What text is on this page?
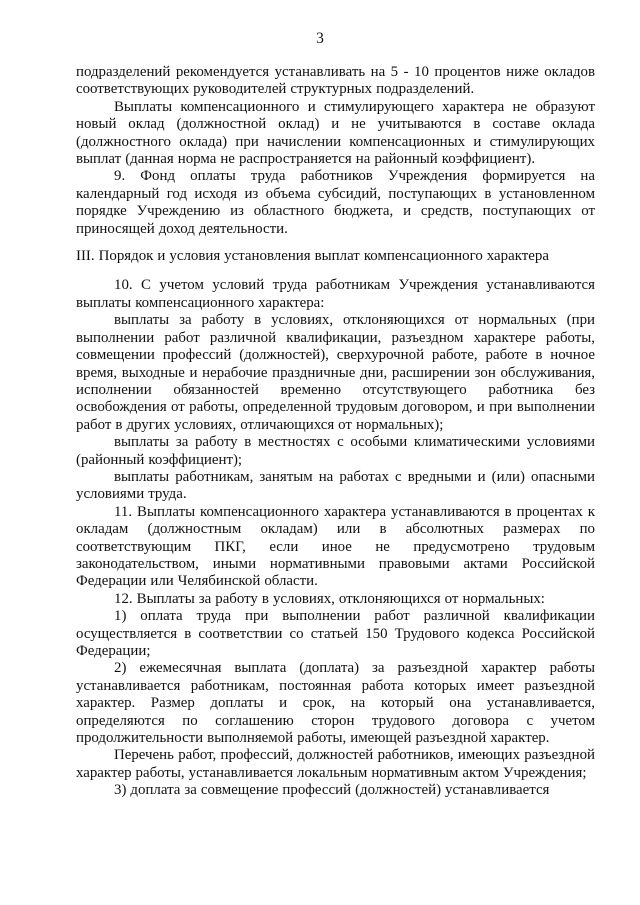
3

подразделений рекомендуется устанавливать на 5 - 10 процентов ниже окладов соответствующих руководителей структурных подразделений.

Выплаты компенсационного и стимулирующего характера не образуют новый оклад (должностной оклад) и не учитываются в составе оклада (должностного оклада) при начислении компенсационных и стимулирующих выплат (данная норма не распространяется на районный коэффициент).

9. Фонд оплаты труда работников Учреждения формируется на календарный год исходя из объема субсидий, поступающих в установленном порядке Учреждению из областного бюджета, и средств, поступающих от приносящей доход деятельности.

III. Порядок и условия установления выплат компенсационного характера

10. С учетом условий труда работникам Учреждения устанавливаются выплаты компенсационного характера:

выплаты за работу в условиях, отклоняющихся от нормальных (при выполнении работ различной квалификации, разъездном характере работы, совмещении профессий (должностей), сверхурочной работе, работе в ночное время, выходные и нерабочие праздничные дни, расширении зон обслуживания, исполнении обязанностей временно отсутствующего работника без освобождения от работы, определенной трудовым договором, и при выполнении работ в других условиях, отличающихся от нормальных);

выплаты за работу в местностях с особыми климатическими условиями (районный коэффициент);

выплаты работникам, занятым на работах с вредными и (или) опасными условиями труда.

11. Выплаты компенсационного характера устанавливаются в процентах к окладам (должностным окладам) или в абсолютных размерах по соответствующим ПКГ, если иное не предусмотрено трудовым законодательством, иными нормативными правовыми актами Российской Федерации или Челябинской области.

12. Выплаты за работу в условиях, отклоняющихся от нормальных:

1) оплата труда при выполнении работ различной квалификации осуществляется в соответствии со статьей 150 Трудового кодекса Российской Федерации;

2) ежемесячная выплата (доплата) за разъездной характер работы устанавливается работникам, постоянная работа которых имеет разъездной характер. Размер доплаты и срок, на который она устанавливается, определяются по соглашению сторон трудового договора с учетом продолжительности выполняемой работы, имеющей разъездной характер.

Перечень работ, профессий, должностей работников, имеющих разъездной характер работы, устанавливается локальным нормативным актом Учреждения;

3) доплата за совмещение профессий (должностей) устанавливается
